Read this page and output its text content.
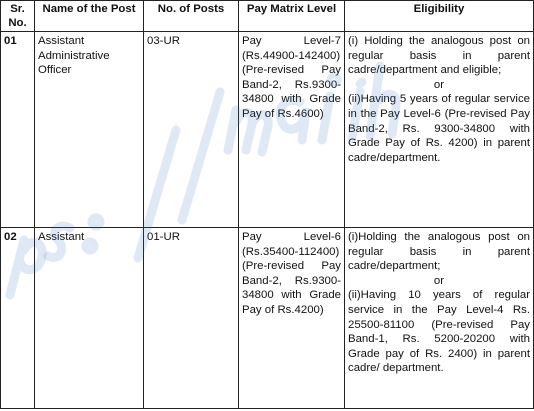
Sr. No.	Name of the Post	No. of Posts	Pay Matrix Level	Eligibility
01	Assistant Administrative Officer	03-UR	Pay Level-7 (Rs.44900-142400) (Pre-revised Pay Band-2, Rs.9300-34800 with Grade Pay of Rs.4600)	(i) Holding the analogous post on regular basis in parent cadre/department and eligible;
or
(ii)Having 5 years of regular service in the Pay Level-6 (Pre-revised Pay Band-2, Rs. 9300-34800 with Grade Pay of Rs. 4200) in parent cadre/department.

02	Assistant	01-UR	Pay Level-6 (Rs.35400-112400) (Pre-revised Pay Band-2, Rs.9300-34800 with Grade Pay of Rs.4200)	(i)Holding the analogous post on regular basis in parent cadre/department;
or
(ii)Having 10 years of regular service in the Pay Level-4 Rs. 25500-81100 (Pre-revised Pay Band-1, Rs. 5200-20200 with Grade pay of Rs. 2400) in parent cadre/ department.
